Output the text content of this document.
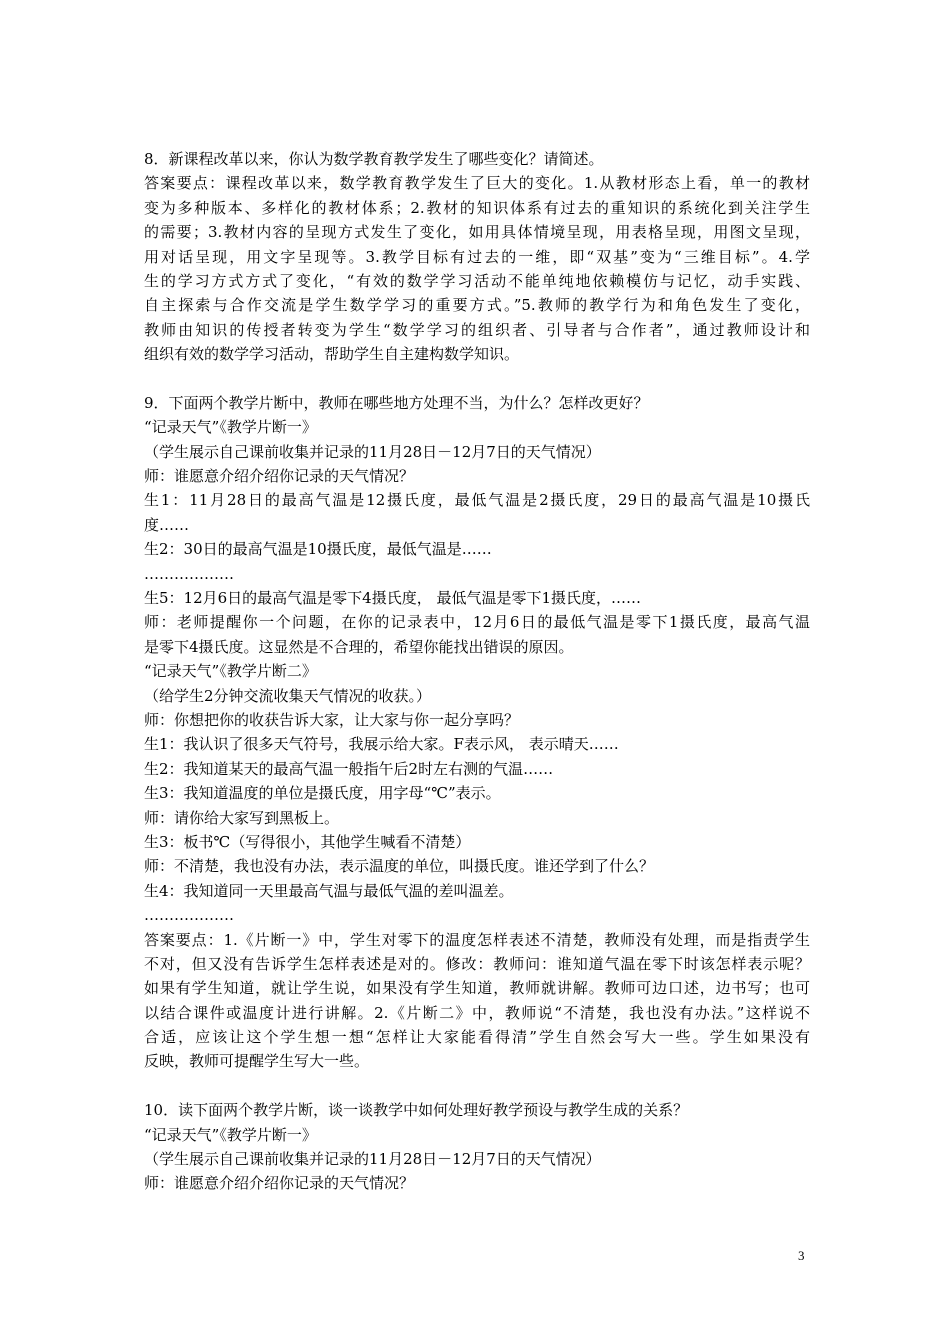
8．新课程改革以来，你认为数学教育教学发生了哪些变化？请简述。
答案要点：课程改革以来，数学教育教学发生了巨大的变化。1.从教材形态上看，单一的教材
变为多种版本、多样化的教材体系；2.教材的知识体系有过去的重知识的系统化到关注学生
的需要；3.教材内容的呈现方式发生了变化，如用具体情境呈现，用表格呈现，用图文呈现，
用对话呈现，用文字呈现等。3.教学目标有过去的一维，即“双基”变为“三维目标”。4.学
生的学习方式方式了变化，“有效的数学学习活动不能单纯地依赖模仿与记忆，动手实践、
自主探索与合作交流是学生数学学习的重要方式。”5.教师的教学行为和角色发生了变化，
教师由知识的传授者转变为学生“数学学习的组织者、引导者与合作者”，通过教师设计和
组织有效的数学学习活动，帮助学生自主建构数学知识。
9．下面两个教学片断中，教师在哪些地方处理不当，为什么？怎样改更好？
“记录天气”《教学片断一》
（学生展示自己课前收集并记录的11月28日－12月7日的天气情况）
师：谁愿意介绍介绍你记录的天气情况？
生1：11月28日的最高气温是12摄氏度，最低气温是2摄氏度，29日的最高气温是10摄氏
度……
生2：30日的最高气温是10摄氏度，最低气温是……
………………
生5：12月6日的最高气温是零下4摄氏度， 最低气温是零下1摄氏度，……
师：老师提醒你一个问题，在你的记录表中，12月6日的最低气温是零下1摄氏度，最高气温
是零下4摄氏度。这显然是不合理的，希望你能找出错误的原因。
“记录天气”《教学片断二》
（给学生2分钟交流收集天气情况的收获。）
师：你想把你的收获告诉大家，让大家与你一起分享吗？
生1：我认识了很多天气符号，我展示给大家。F表示风， 表示晴天……
生2：我知道某天的最高气温一般指午后2时左右测的气温……
生3：我知道温度的单位是摄氏度，用字母“℃”表示。
师：请你给大家写到黑板上。
生3：板书℃（写得很小，其他学生喊看不清楚）
师：不清楚，我也没有办法，表示温度的单位，叫摄氏度。谁还学到了什么？
生4：我知道同一天里最高气温与最低气温的差叫温差。
………………
答案要点：1.《片断一》中，学生对零下的温度怎样表述不清楚，教师没有处理，而是指责学生
不对，但又没有告诉学生怎样表述是对的。修改：教师问：谁知道气温在零下时该怎样表示呢？
如果有学生知道，就让学生说，如果没有学生知道，教师就讲解。教师可边口述，边书写；也可
以结合课件或温度计进行讲解。2.《片断二》中，教师说“不清楚，我也没有办法。”这样说不
合适，应该让这个学生想一想“怎样让大家能看得清”学生自然会写大一些。学生如果没有
反映，教师可提醒学生写大一些。
10．读下面两个教学片断，谈一谈教学中如何处理好教学预设与教学生成的关系？
“记录天气”《教学片断一》
（学生展示自己课前收集并记录的11月28日－12月7日的天气情况）
师：谁愿意介绍介绍你记录的天气情况？
3
